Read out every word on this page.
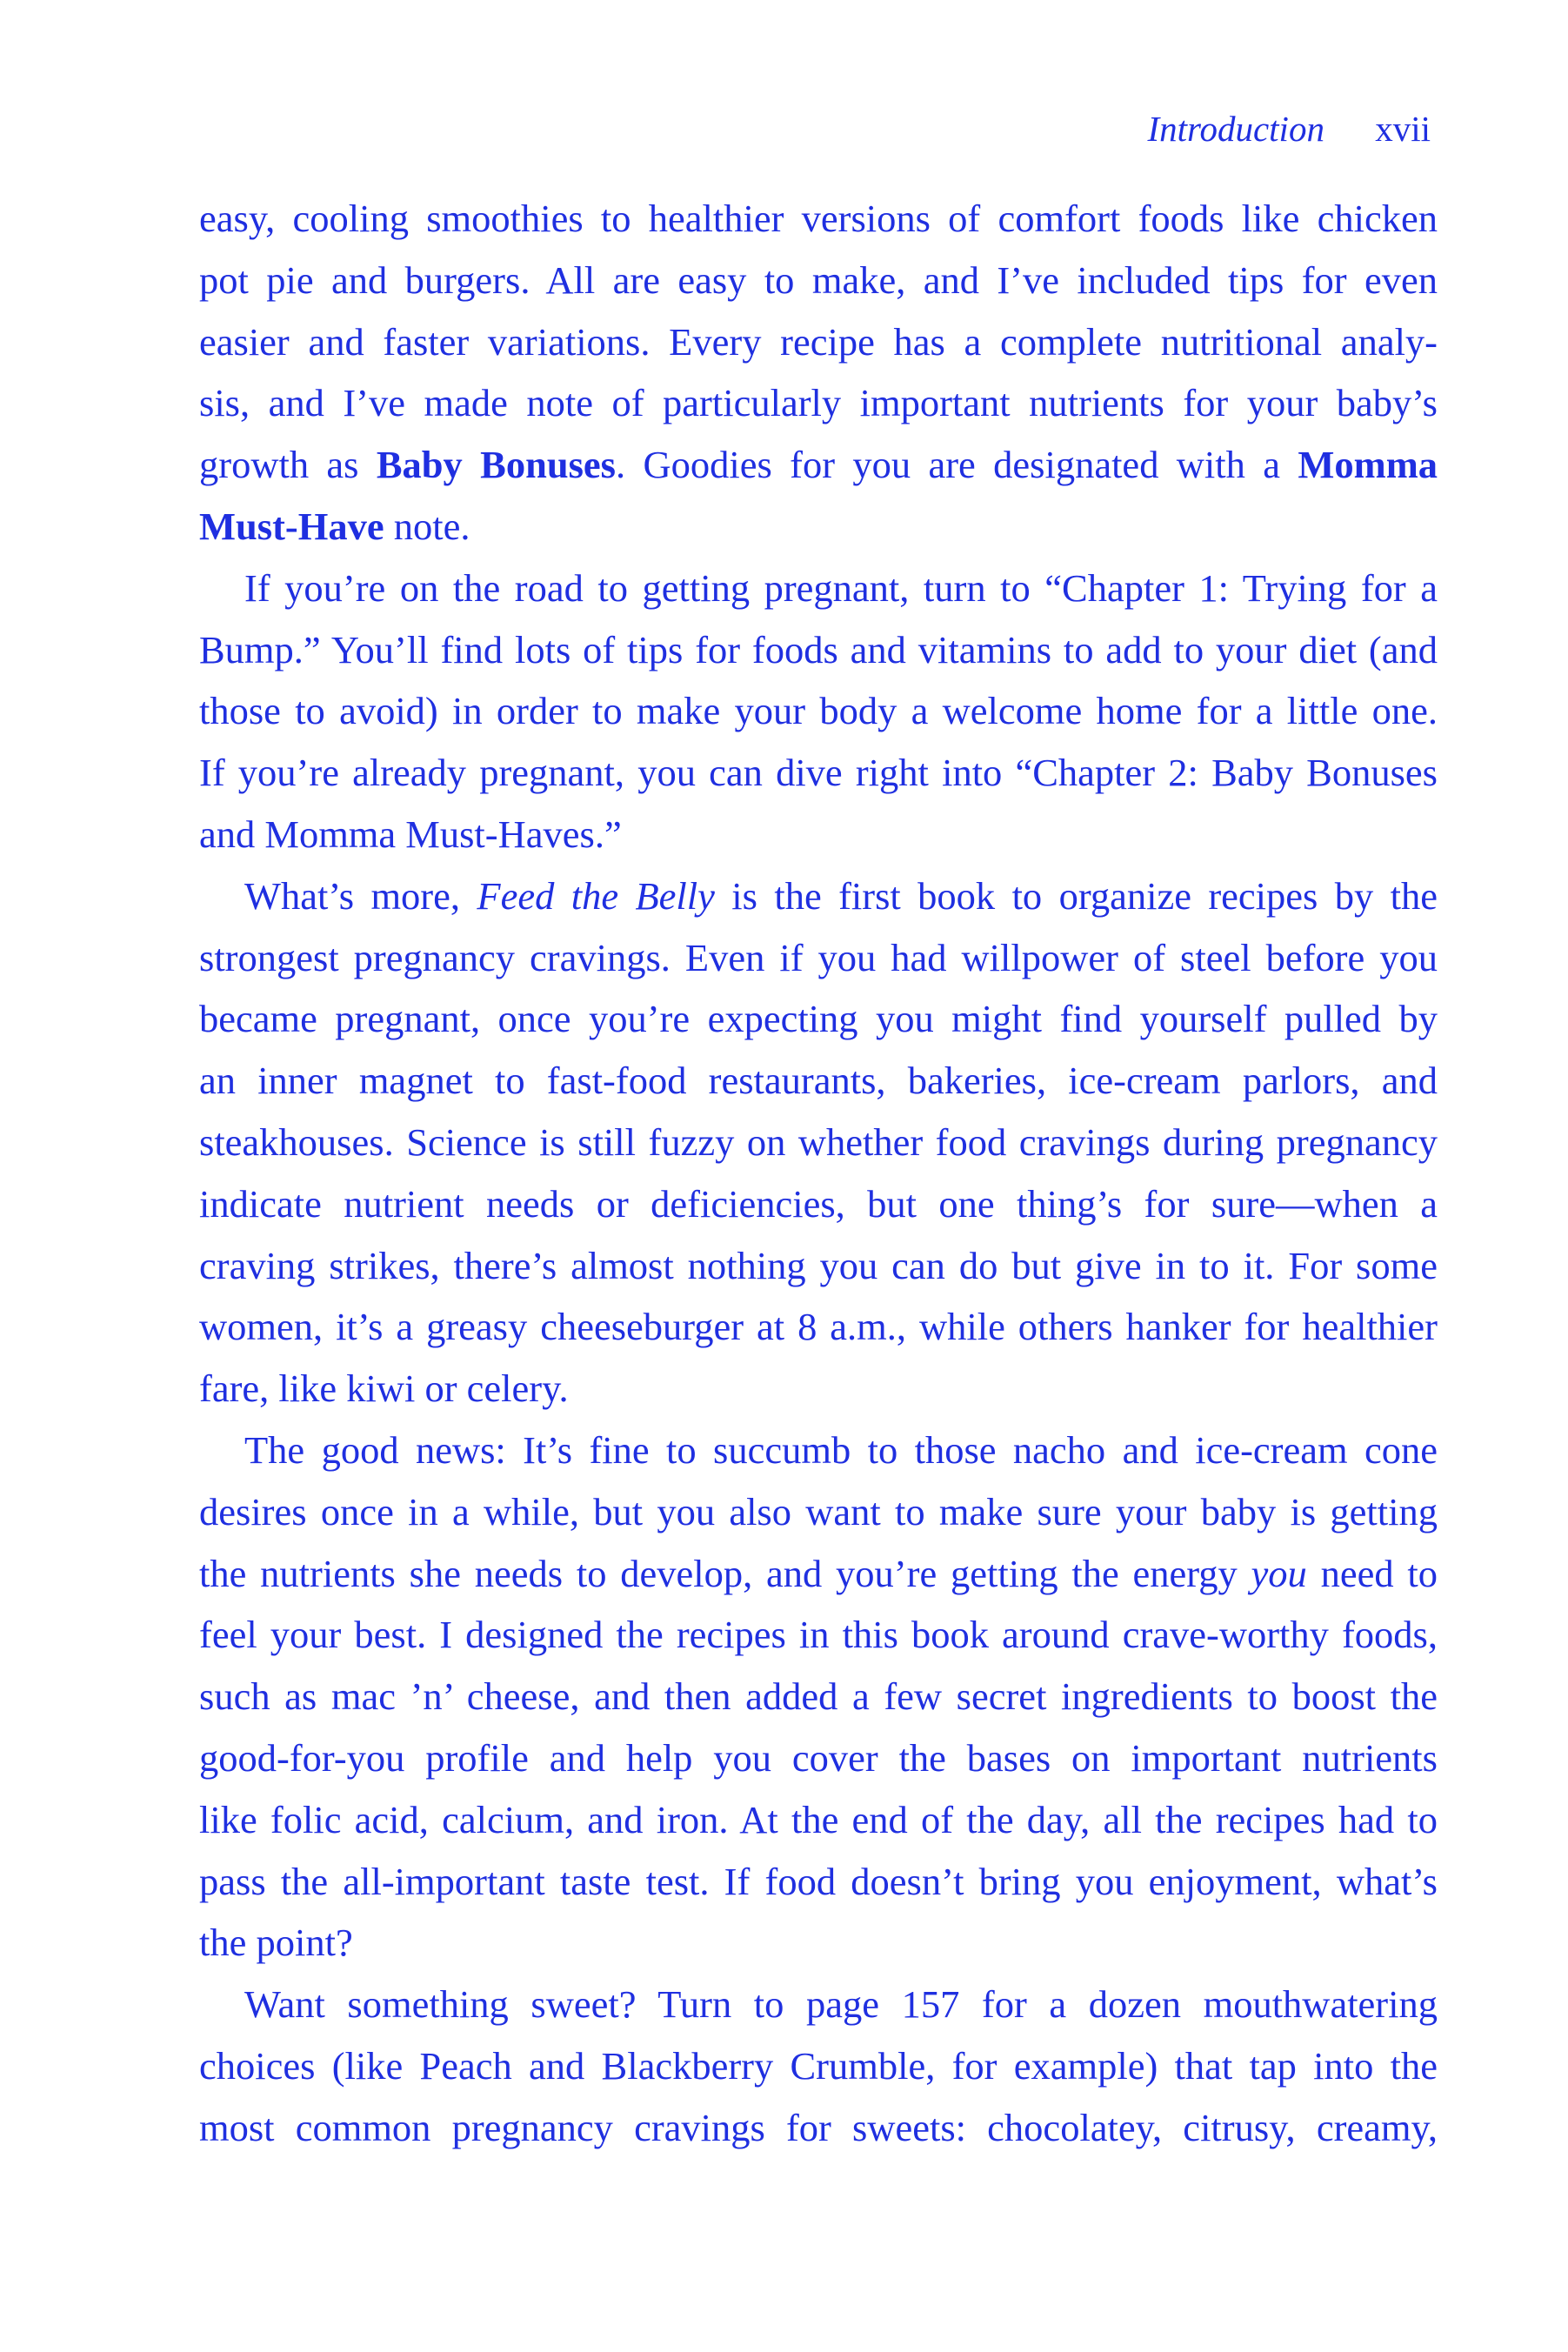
Introduction xvii
easy, cooling smoothies to healthier versions of comfort foods like chicken
pot pie and burgers. All are easy to make, and I’ve included tips for even
easier and faster variations. Every recipe has a complete nutritional analy-
sis, and I’ve made note of particularly important nutrients for your baby’s
growth as Baby Bonuses. Goodies for you are designated with a Momma
Must-Have note.
If you’re on the road to getting pregnant, turn to “Chapter 1: Trying for a
Bump.” You’ll find lots of tips for foods and vitamins to add to your diet (and
those to avoid) in order to make your body a welcome home for a little one.
If you’re already pregnant, you can dive right into “Chapter 2: Baby Bonuses
and Momma Must-Haves.”
What’s more, Feed the Belly is the first book to organize recipes by the
strongest pregnancy cravings. Even if you had willpower of steel before you
became pregnant, once you’re expecting you might find yourself pulled by
an inner magnet to fast-food restaurants, bakeries, ice-cream parlors, and
steakhouses. Science is still fuzzy on whether food cravings during pregnancy
indicate nutrient needs or deficiencies, but one thing’s for sure—when a
craving strikes, there’s almost nothing you can do but give in to it. For some
women, it’s a greasy cheeseburger at 8 a.m., while others hanker for healthier
fare, like kiwi or celery.
The good news: It’s fine to succumb to those nacho and ice-cream cone
desires once in a while, but you also want to make sure your baby is getting
the nutrients she needs to develop, and you’re getting the energy you need to
feel your best. I designed the recipes in this book around crave-worthy foods,
such as mac ’n’ cheese, and then added a few secret ingredients to boost the
good-for-you profile and help you cover the bases on important nutrients
like folic acid, calcium, and iron. At the end of the day, all the recipes had to
pass the all-important taste test. If food doesn’t bring you enjoyment, what’s
the point?
Want something sweet? Turn to page 157 for a dozen mouthwatering
choices (like Peach and Blackberry Crumble, for example) that tap into the
most common pregnancy cravings for sweets: chocolatey, citrusy, creamy,
